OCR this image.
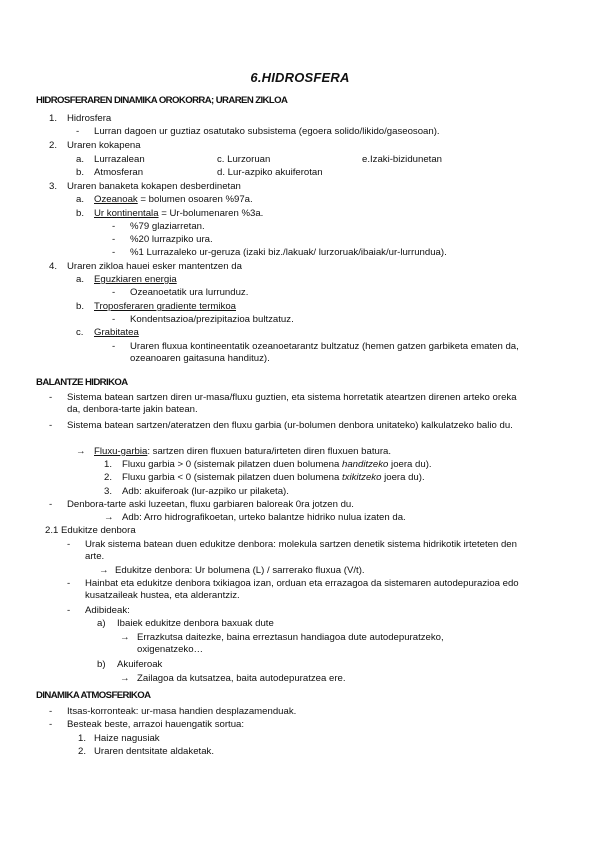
6.HIDROSFERA
HIDROSFERAREN DINAMIKA OROKORRA; URAREN ZIKLOA
1. Hidrosfera
- Lurran dagoen ur guztiaz osatutako subsistema (egoera solido/likido/gaseosoan).
2. Uraren kokapena
a. Lurrazalean	c. Lurzoruan	e.Izaki-bizidunetan
b. Atmosferan	d. Lur-azpiko akuiferotan
3. Uraren banaketa kokapen desberdinetan
a. Ozeanoak = bolumen osoaren %97a.
b. Ur kontinentala = Ur-bolumenaren %3a.
- %79 glaziarretan.
- %20 lurrazpiko ura.
- %1 Lurrazaleko ur-geruza (izaki biz./lakuak/ lurzoruak/ibaiak/ur-lurrundua).
4. Uraren zikloa hauei esker mantentzen da
a. Eguzkiaren energia
- Ozeanoetatik ura lurrunduz.
b. Troposferaren gradiente termikoa
- Kondentsazioa/prezipitazioa bultzatuz.
c. Grabitatea
- Uraren fluxua kontineentatik ozeanoetarantz bultzatuz (hemen gatzen garbiketa ematen da, ozeanoaren gaitasuna handituz).
BALANTZE HIDRIKOA
- Sistema batean sartzen diren ur-masa/fluxu guztien, eta sistema horretatik ateartzen direnen arteko oreka da, denbora-tarte jakin batean.
- Sistema batean sartzen/ateratzen den fluxu garbia (ur-bolumen denbora unitateko) kalkulatzeko balio du.
→ Fluxu-garbia: sartzen diren fluxuen batura/irteten diren fluxuen batura.
1. Fluxu garbia > 0 (sistemak pilatzen duen bolumena handitzeko joera du).
2. Fluxu garbia < 0 (sistemak pilatzen duen bolumena txikitzeko joera du).
3. Adb: akuiferoak (lur-azpiko ur pilaketa).
- Denbora-tarte aski luzeetan, fluxu garbiaren baloreak 0ra jotzen du.
→ Adb: Arro hidrografikoetan, urteko balantze hidriko nulua izaten da.
2.1 Edukitze denbora
- Urak sistema batean duen edukitze denbora: molekula sartzen denetik sistema hidrikotik irteteten den arte.
→ Edukitze denbora: Ur bolumena (L) / sarrerako fluxua (V/t).
- Hainbat eta edukitze denbora txikiagoa izan, orduan eta errazagoa da sistemaren autodepurazioa edo kusatzaileak hustea, eta alderantziz.
- Adibideak:
a) Ibaiek edukitze denbora baxuak dute
→ Errazkutsa daitezke, baina erreztasun handiagoa dute autodepuratzeko, oxigenatzeko…
b) Akuiferoak
→ Zailagoa da kutsatzea, baita autodepuratzea ere.
DINAMIKA ATMOSFERIKOA
- Itsas-korronteak: ur-masa handien desplazamenduak.
- Besteak beste, arrazoi hauengatik sortua:
1. Haize nagusiak
2. Uraren dentsitate aldaketak.
